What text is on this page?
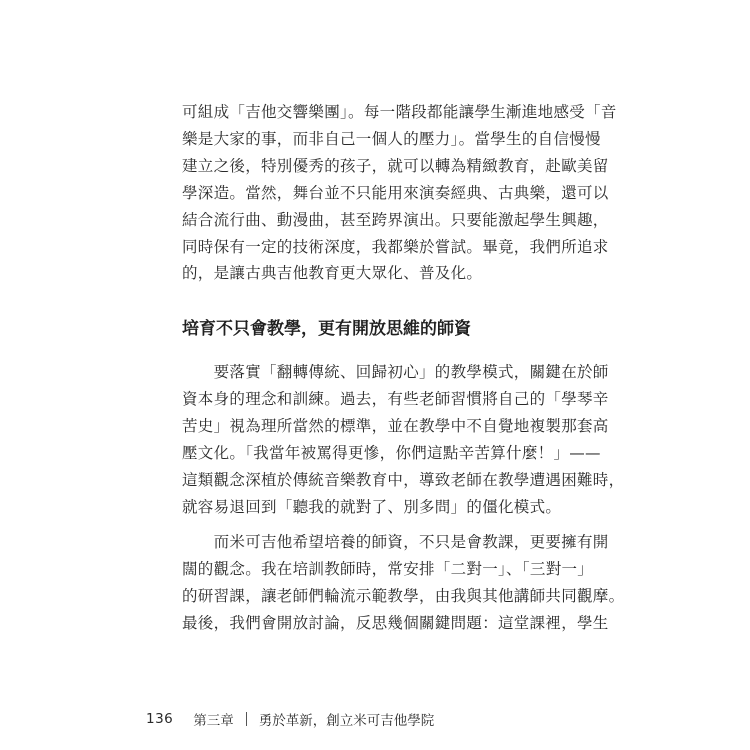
可組成「吉他交響樂團」。每一階段都能讓學生漸進地感受「音
樂是大家的事，而非自己一個人的壓力」。當學生的自信慢慢
建立之後，特別優秀的孩子，就可以轉為精緻教育，赴歐美留
學深造。當然，舞台並不只能用來演奏經典、古典樂，還可以
結合流行曲、動漫曲，甚至跨界演出。只要能激起學生興趣，
同時保有一定的技術深度，我都樂於嘗試。畢竟，我們所追求
的，是讓古典吉他教育更大眾化、普及化。
培育不只會教學，更有開放思維的師資
　　要落實「翻轉傳統、回歸初心」的教學模式，關鍵在於師
資本身的理念和訓練。過去，有些老師習慣將自己的「學琴辛
苦史」視為理所當然的標準，並在教學中不自覺地複製那套高
壓文化。「我當年被罵得更慘，你們這點辛苦算什麼！」——
這類觀念深植於傳統音樂教育中，導致老師在教學遭遇困難時，
就容易退回到「聽我的就對了、別多問」的僵化模式。
　　而米可吉他希望培養的師資，不只是會教課，更要擁有開
闊的觀念。我在培訓教師時，常安排「二對一」、「三對一」
的研習課，讓老師們輪流示範教學，由我與其他講師共同觀摩。
最後，我們會開放討論，反思幾個關鍵問題：這堂課裡，學生
136 第三章 勇於革新，創立米可吉他學院
